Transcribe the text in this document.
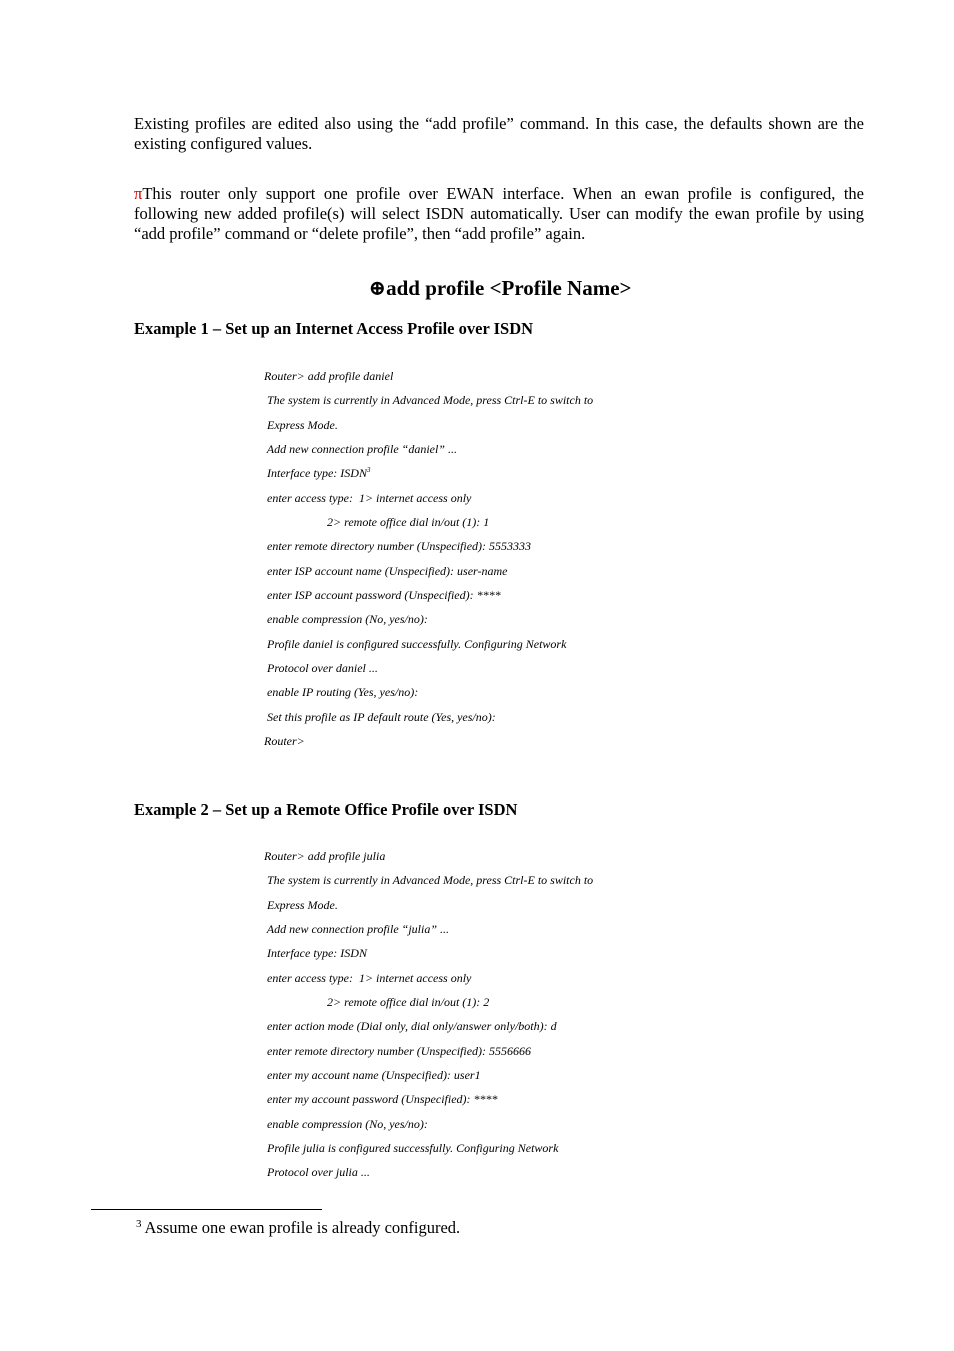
Existing profiles are edited also using the “add profile” command. In this case, the defaults shown are the existing configured values.

πThis router only support one profile over EWAN interface. When an ewan profile is configured, the following new added profile(s) will select ISDN automatically. User can modify the ewan profile by using “add profile” command or “delete profile”, then “add profile” again.

⊕add profile <Profile Name>
Example 1 – Set up an Internet Access Profile over ISDN
Router> add profile daniel
The system is currently in Advanced Mode, press Ctrl-E to switch to
Express Mode.
Add new connection profile “daniel” ...
Interface type: ISDN$^3$
enter access type:  1> internet access only
2> remote office dial in/out (1): 1
enter remote directory number (Unspecified): 5553333
enter ISP account name (Unspecified): user-name
enter ISP account password (Unspecified): ****
enable compression (No, yes/no):
Profile daniel is configured successfully. Configuring Network
Protocol over daniel ...
enable IP routing (Yes, yes/no):
Set this profile as IP default route (Yes, yes/no):
Router>
Example 2 – Set up a Remote Office Profile over ISDN
Router> add profile julia
The system is currently in Advanced Mode, press Ctrl-E to switch to
Express Mode.
Add new connection profile “julia” ...
Interface type: ISDN
enter access type:  1> internet access only
2> remote office dial in/out (1): 2
enter action mode (Dial only, dial only/answer only/both): d
enter remote directory number (Unspecified): 5556666
enter my account name (Unspecified): user1
enter my account password (Unspecified): ****
enable compression (No, yes/no):
Profile julia is configured successfully. Configuring Network
Protocol over julia ...

$^3$ Assume one ewan profile is already configured.
